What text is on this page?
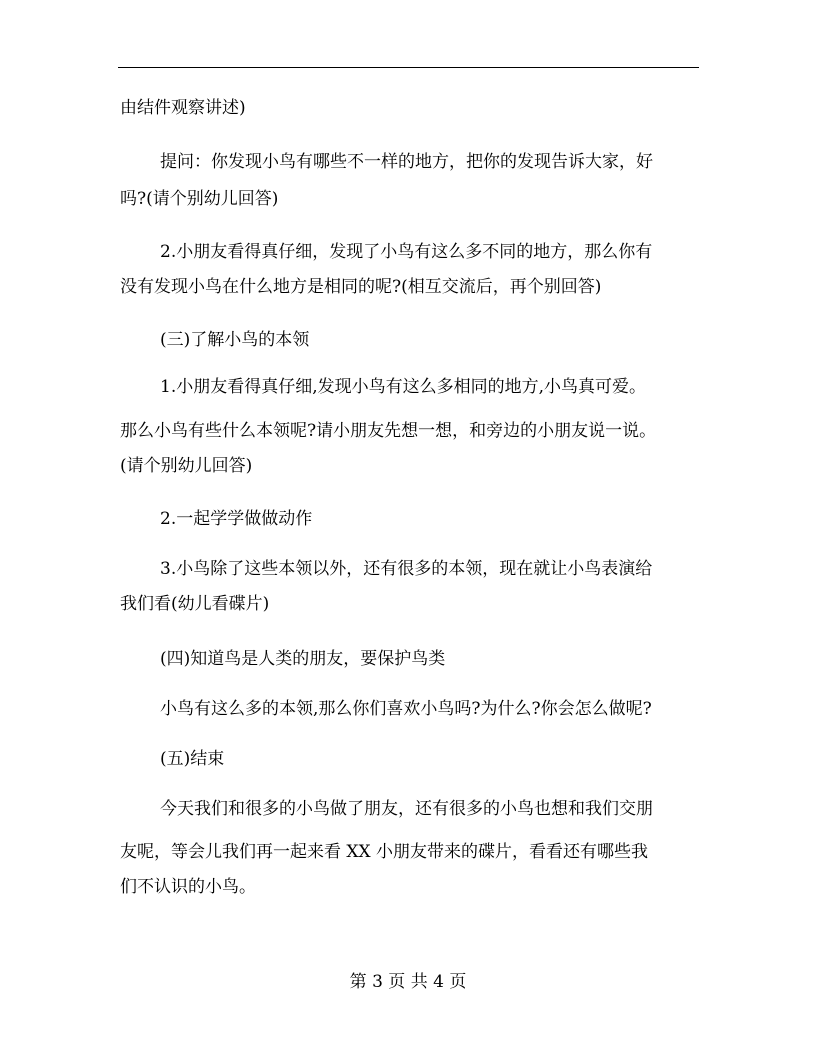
由结件观察讲述)
提问：你发现小鸟有哪些不一样的地方，把你的发现告诉大家，好
吗?(请个别幼儿回答)
2.小朋友看得真仔细，发现了小鸟有这么多不同的地方，那么你有
没有发现小鸟在什么地方是相同的呢?(相互交流后，再个别回答)
(三)了解小鸟的本领
1.小朋友看得真仔细,发现小鸟有这么多相同的地方,小鸟真可爱。
那么小鸟有些什么本领呢?请小朋友先想一想，和旁边的小朋友说一说。
(请个别幼儿回答)
2.一起学学做做动作
3.小鸟除了这些本领以外，还有很多的本领，现在就让小鸟表演给
我们看(幼儿看碟片)
(四)知道鸟是人类的朋友，要保护鸟类
小鸟有这么多的本领,那么你们喜欢小鸟吗?为什么?你会怎么做呢?
(五)结束
今天我们和很多的小鸟做了朋友，还有很多的小鸟也想和我们交朋
友呢，等会儿我们再一起来看 XX 小朋友带来的碟片，看看还有哪些我
们不认识的小鸟。
第 3 页 共 4 页
